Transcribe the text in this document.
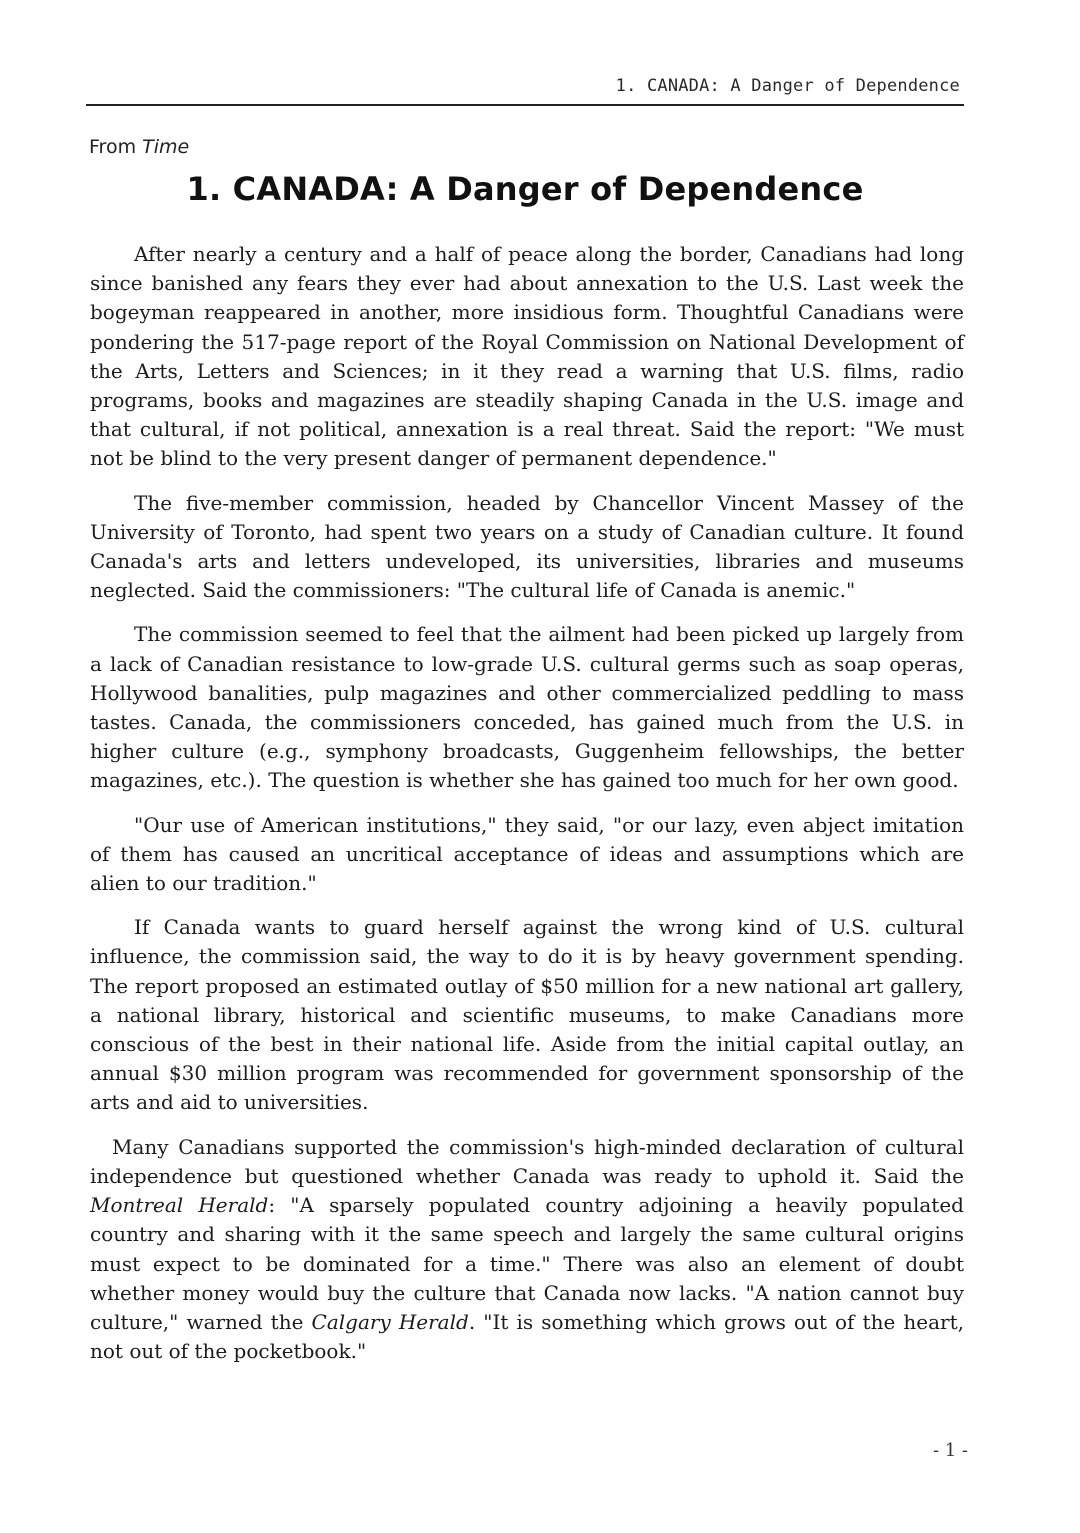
1. CANADA: A Danger of Dependence
From Time
1. CANADA: A Danger of Dependence

After nearly a century and a half of peace along the border, Canadians had long since banished any fears they ever had about annexation to the U.S. Last week the bogeyman reappeared in another, more insidious form. Thoughtful Canadians were pondering the 517-page report of the Royal Commission on National Development of the Arts, Letters and Sciences; in it they read a warning that U.S. films, radio programs, books and magazines are steadily shaping Canada in the U.S. image and that cultural, if not political, annexation is a real threat. Said the report: "We must not be blind to the very present danger of permanent dependence."

The five-member commission, headed by Chancellor Vincent Massey of the University of Toronto, had spent two years on a study of Canadian culture. It found Canada's arts and letters undeveloped, its universities, libraries and museums neglected. Said the commissioners: "The cultural life of Canada is anemic."

The commission seemed to feel that the ailment had been picked up largely from a lack of Canadian resistance to low-grade U.S. cultural germs such as soap operas, Hollywood banalities, pulp magazines and other commercialized peddling to mass tastes. Canada, the commissioners conceded, has gained much from the U.S. in higher culture (e.g., symphony broadcasts, Guggenheim fellowships, the better magazines, etc.). The question is whether she has gained too much for her own good.

"Our use of American institutions," they said, "or our lazy, even abject imitation of them has caused an uncritical acceptance of ideas and assumptions which are alien to our tradition."

If Canada wants to guard herself against the wrong kind of U.S. cultural influence, the commission said, the way to do it is by heavy government spending. The report proposed an estimated outlay of $50 million for a new national art gallery, a national library, historical and scientific museums, to make Canadians more conscious of the best in their national life. Aside from the initial capital outlay, an annual $30 million program was recommended for government sponsorship of the arts and aid to universities.

Many Canadians supported the commission's high-minded declaration of cultural independence but questioned whether Canada was ready to uphold it. Said the Montreal Herald: "A sparsely populated country adjoining a heavily populated country and sharing with it the same speech and largely the same cultural origins must expect to be dominated for a time." There was also an element of doubt whether money would buy the culture that Canada now lacks. "A nation cannot buy culture," warned the Calgary Herald. "It is something which grows out of the heart, not out of the pocketbook."

- 1 -
